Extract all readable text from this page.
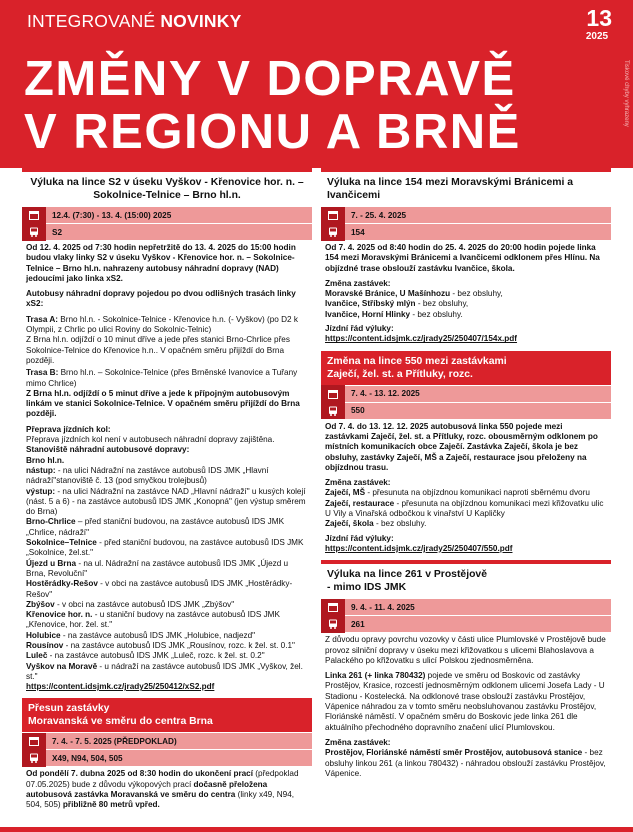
INTEGROVANÉ NOVINKY	13
2025
ZMĚNY V DOPRAVĚ
V REGIONU A BRNĚ
Tiskové chyby vyhrazeny
Výluka na lince S2 v úseku Vyškov - Křenovice hor. n. – Sokolnice-Telnice – Brno hl.n.
12.4. (7:30) - 13. 4. (15:00) 2025
S2

Od 12. 4. 2025 od 7:30 hodin nepřetržitě do 13. 4. 2025 do 15:00 hodin budou vlaky linky S2 v úseku Vyškov - Křenovice hor. n. – Sokolnice-Telnice – Brno hl.n. nahrazeny autobusy náhradní dopravy (NAD) jedoucími jako linka xS2.

Autobusy náhradní dopravy pojedou po dvou odlišných trasách linky xS2:

Trasa A: Brno hl.n. - Sokolnice-Telnice - Křenovice h.n. (- Vyškov) (po D2 k Olympii, z Chrlic po ulici Roviny do Sokolnic-Telnic)
Z Brna hl.n. odjíždí o 10 minut dříve a jede přes stanici Brno-Chrlice přes Sokolnice-Telnice do Křenovice h.n.. V opačném směru přijíždí do Brna později.
Trasa B: Brno hl.n. – Sokolnice-Telnice (přes Brněnské Ivanovice a Tuřany mimo Chrlice)

Z Brna hl.n. odjíždí o 5 minut dříve a jede k přípojným autobusovým linkám ve stanici Sokolnice-Telnice. V opačném směru přijíždí do Brna později.

Přeprava jízdních kol:
Přeprava jízdních kol není v autobusech náhradní dopravy zajištěna.
Stanoviště náhradní autobusové dopravy:
Brno hl.n.
nástup: - na ulici Nádražní na zastávce autobusů IDS JMK „Hlavní nádraží"stanoviště č. 13 (pod smyčkou trolejbusů)
výstup: - na ulici Nádražní na zastávce NAD „Hlavní nádraží" u kusých kolejí (nást. 5 a 6) - na zastávce autobusů IDS JMK „Konopná" (jen výstup směrem do Brna)
Brno-Chrlice – před staniční budovou, na zastávce autobusů IDS JMK „Chrlice, nádraží"
Sokolnice–Telnice - před staniční budovou, na zastávce autobusů IDS JMK „Sokolnice, žel.st."
Újezd u Brna - na ul. Nádražní na zastávce autobusů IDS JMK „Újezd u Brna, Revoluční"
Hostěrádky-Rešov - v obci na zastávce autobusů IDS JMK „Hostěrádky-Rešov"
Zbýšov - v obci na zastávce autobusů IDS JMK „Zbýšov"
Křenovice hor. n. - u staniční budovy na zastávce autobusů IDS JMK „Křenovice, hor. žel. st."
Holubice - na zastávce autobusů IDS JMK „Holubice, nadjezd"
Rousínov - na zastávce autobusů IDS JMK „Rousínov, rozc. k žel. st. 0.1"
Luleč - na zastávce autobusů IDS JMK „Luleč, rozc. k žel. st. 0.2"
Vyškov na Moravě - u nádraží na zastávce autobusů IDS JMK „Vyškov, žel. st."
https://content.idsjmk.cz/jrady25/250412/xS2.pdf
Přesun zastávky
Moravanská ve směru do centra Brna
7. 4. - 7. 5. 2025 (PŘEDPOKLAD)
X49, N94, 504, 505

Od pondělí 7. dubna 2025 od 8:30 hodin do ukončení prací (předpoklad 07.05.2025) bude z důvodu výkopových prací dočasně přeložena autobusová zastávka Moravanská ve směru do centra (linky x49, N94, 504, 505) přibližně 80 metrů vpřed.

Výluka na lince 154 mezi Moravskými Bránicemi a Ivančicemi
7. - 25. 4. 2025
154

Od 7. 4. 2025 od 8:40 hodin do 25. 4. 2025 do 20:00 hodin pojede linka 154 mezi Moravskými Bránicemi a Ivančicemi odklonem přes Hlínu. Na objízdné trase obslouží zastávku Ivančice, škola.

Změna zastávek:
Moravské Bránice, U Mašínhozu - bez obsluhy,
Ivančice, Stříbský mlýn - bez obsluhy,
Ivančice, Horní Hlinky - bez obsluhy.
Jízdní řád výluky:
https://content.idsjmk.cz/jrady25/250407/154x.pdf
Změna na lince 550 mezi zastávkami
Zaječí, žel. st. a Přítluky, rozc.
7. 4. - 13. 12. 2025
550

Od 7. 4. do 13. 12. 12. 2025 autobusová linka 550 pojede mezi zastávkami Zaječí, žel. st. a Přítluky, rozc. obousměrným odklonem po místních komunikacích obce Zaječí. Zastávka Zaječí, škola je bez obsluhy, zastávky Zaječí, MŠ a Zaječí, restaurace jsou přeloženy na objízdnou trasu.

Změna zastávek:
Zaječí, MŠ - přesunuta na objízdnou komunikaci naproti sběrnému dvoru
Zaječí, restaurace - přesunuta na objízdnou komunikaci mezi křižovatku ulic U Vily a Vinařská odbočkou k vinařství U Kapličky
Zaječí, škola - bez obsluhy.
Jízdní řád výluky:
https://content.idsjmk.cz/jrady25/250407/550.pdf
Výluka na lince 261 v Prostějově
- mimo IDS JMK
9. 4. - 11. 4. 2025
261

Z důvodu opravy povrchu vozovky v části ulice Plumlovské v Prostějově bude provoz silniční dopravy v úseku mezi křižovatkou s ulicemi Blahoslavova a Palackého po křižovatku s ulicí Polskou zjednosměrněna.

Linka 261 (+ linka 780432) pojede ve směru od Boskovic od zastávky Prostějov, Krasice, rozcestí jednosměrným odklonem ulicemi Josefa Lady - U Stadionu - Kostelecká. Na odklonové trase obslouží zastávku Prostějov, Vápenice náhradou za v tomto směru neobsluhovanou zastávku Prostějov, Floriánské náměstí. V opačném směru do Boskovic jede linka 261 dle aktuálního přechodného dopravního značení ulicí Plumlovskou.

Změna zastávek:
Prostějov, Floriánské náměstí směr Prostějov, autobusová stanice - bez obsluhy linkou 261 (a linkou 780432) - náhradou obslouží zastávku Prostějov, Vápenice.
